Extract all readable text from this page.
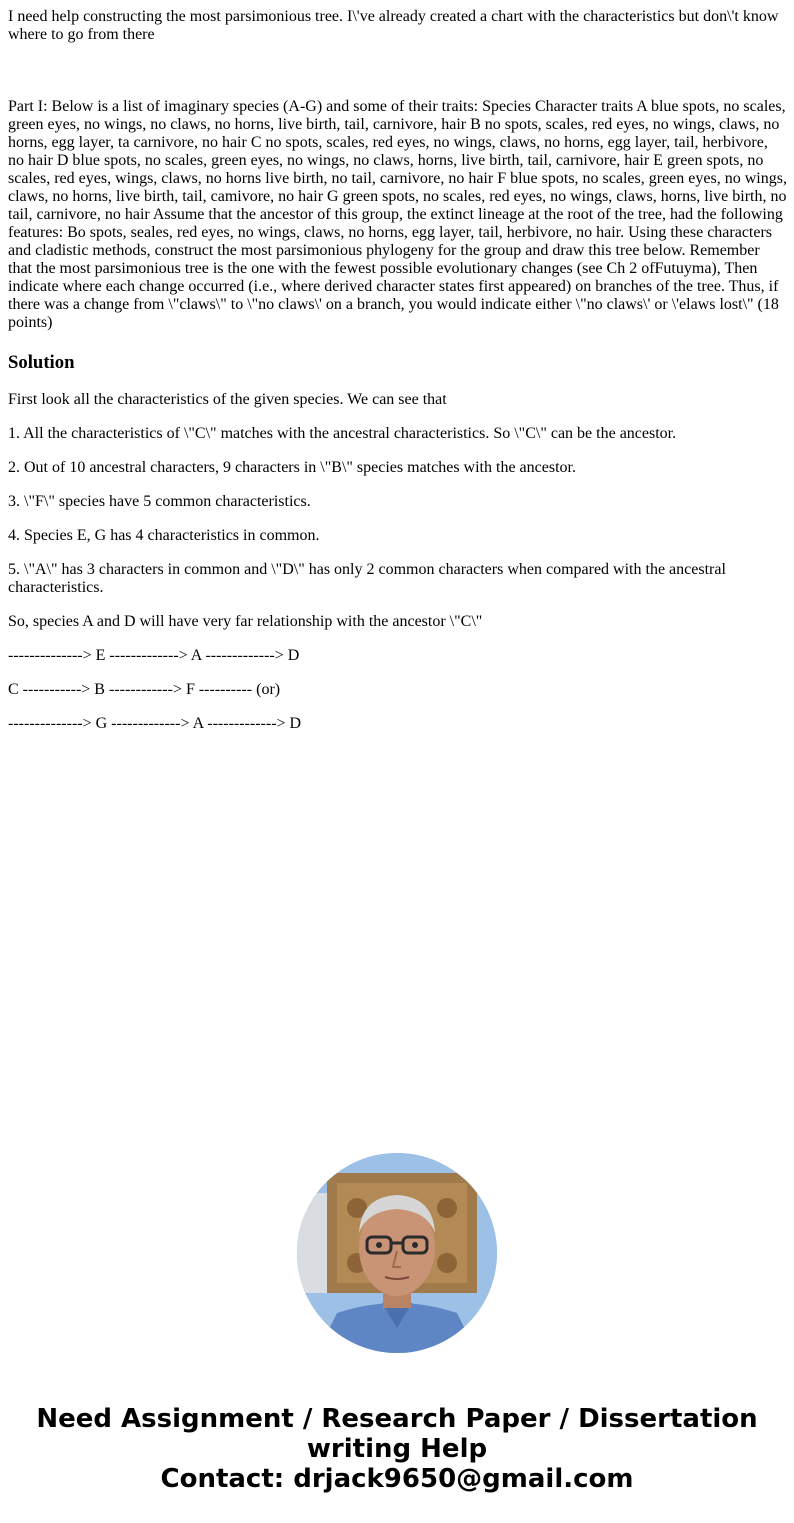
I need help constructing the most parsimonious tree. I\'ve already created a chart with the characteristics but don\'t know where to go from there

Part I: Below is a list of imaginary species (A-G) and some of their traits: Species Character traits A blue spots, no scales, green eyes, no wings, no claws, no horns, live birth, tail, carnivore, hair B no spots, scales, red eyes, no wings, claws, no horns, egg layer, ta carnivore, no hair C no spots, scales, red eyes, no wings, claws, no horns, egg layer, tail, herbivore, no hair D blue spots, no scales, green eyes, no wings, no claws, horns, live birth, tail, carnivore, hair E green spots, no scales, red eyes, wings, claws, no horns live birth, no tail, carnivore, no hair F blue spots, no scales, green eyes, no wings, claws, no horns, live birth, tail, camivore, no hair G green spots, no scales, red eyes, no wings, claws, horns, live birth, no tail, carnivore, no hair Assume that the ancestor of this group, the extinct lineage at the root of the tree, had the following features: Bo spots, seales, red eyes, no wings, claws, no horns, egg layer, tail, herbivore, no hair. Using these characters and cladistic methods, construct the most parsimonious phylogeny for the group and draw this tree below. Remember that the most parsimonious tree is the one with the fewest possible evolutionary changes (see Ch 2 ofFutuyma), Then indicate where each change occurred (i.e., where derived character states first appeared) on branches of the tree. Thus, if there was a change from \"claws\" to \"no claws\' on a branch, you would indicate either \"no claws\' or \'elaws lost\" (18 points)

Solution

First look all the characteristics of the given species. We can see that

1. All the characteristics of \"C\" matches with the ancestral characteristics. So \"C\" can be the ancestor.

2. Out of 10 ancestral characters, 9 characters in \"B\" species matches with the ancestor.

3. \"F\" species have 5 common characteristics.

4. Species E, G has 4 characteristics in common.

5. \"A\" has 3 characters in common and \"D\" has only 2 common characters when compared with the ancestral characteristics.

So, species A and D will have very far relationship with the ancestor \"C\"

--------------> E -------------> A -------------> D

C -----------> B ------------> F ---------- (or)

--------------> G -------------> A -------------> D

Need Assignment / Research Paper / Dissertation
writing Help
Contact: drjack9650@gmail.com
